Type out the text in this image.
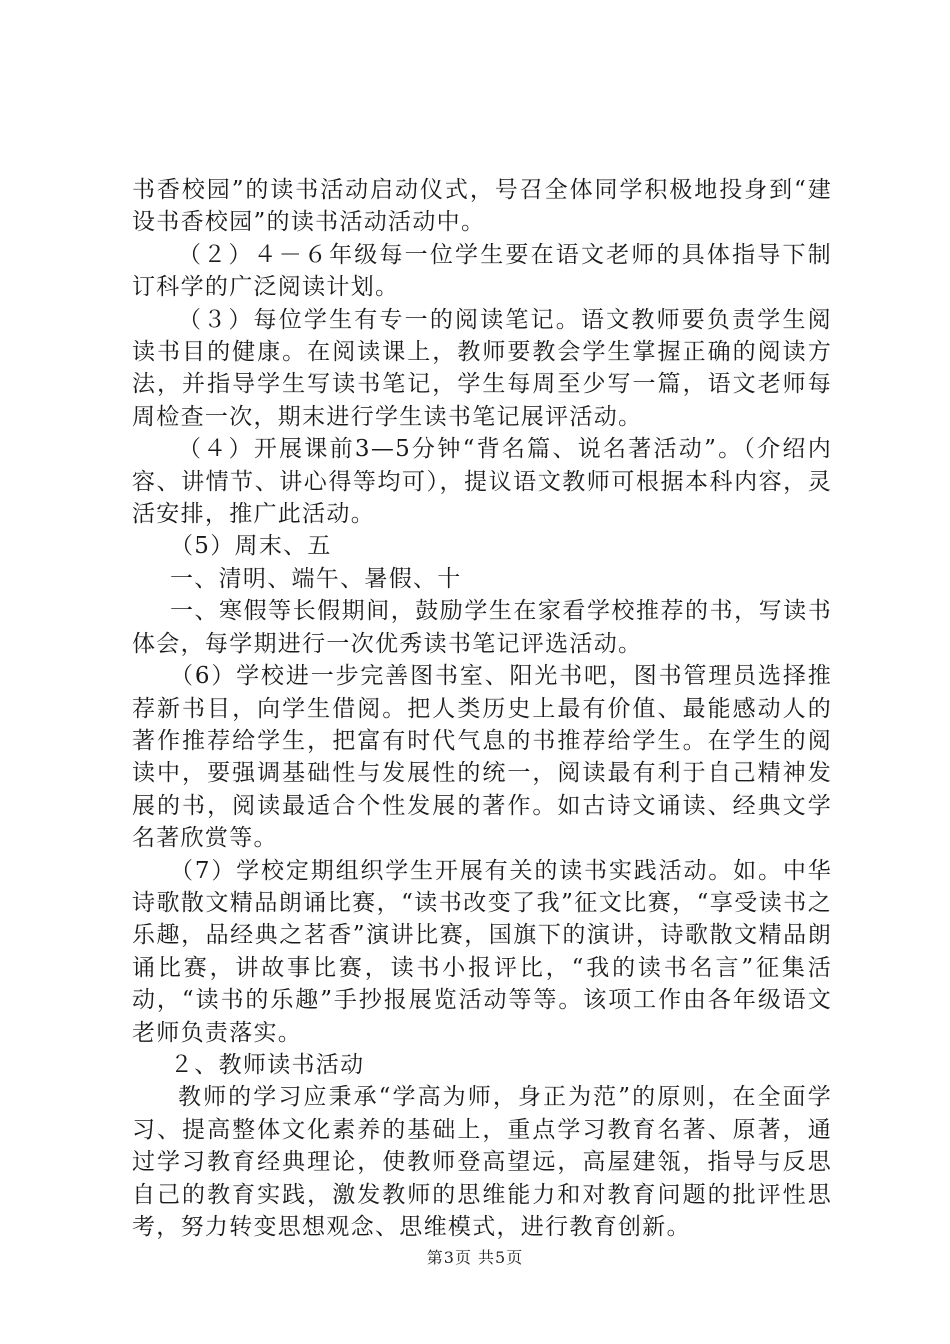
书香校园”的读书活动启动仪式，号召全体同学积极地投身到“建设书香校园”的读书活动活动中。

（２）４－６年级每一位学生要在语文老师的具体指导下制订科学的广泛阅读计划。

（３）每位学生有专一的阅读笔记。语文教师要负责学生阅读书目的健康。在阅读课上，教师要教会学生掌握正确的阅读方法，并指导学生写读书笔记，学生每周至少写一篇，语文老师每周检查一次，期末进行学生读书笔记展评活动。

（４）开展课前3—5分钟“背名篇、说名著活动”。（介绍内容、讲情节、讲心得等均可），提议语文教师可根据本科内容，灵活安排，推广此活动。

（5）周末、五

一、清明、端午、暑假、十

一、寒假等长假期间，鼓励学生在家看学校推荐的书，写读书体会，每学期进行一次优秀读书笔记评选活动。

（6）学校进一步完善图书室、阳光书吧，图书管理员选择推荐新书目，向学生借阅。把人类历史上最有价值、最能感动人的著作推荐给学生，把富有时代气息的书推荐给学生。在学生的阅读中，要强调基础性与发展性的统一，阅读最有利于自己精神发展的书，阅读最适合个性发展的著作。如古诗文诵读、经典文学名著欣赏等。

（7）学校定期组织学生开展有关的读书实践活动。如。中华诗歌散文精品朗诵比赛，“读书改变了我”征文比赛，“享受读书之乐趣，品经典之茗香”演讲比赛，国旗下的演讲，诗歌散文精品朗诵比赛，讲故事比赛，读书小报评比，“我的读书名言”征集活动，“读书的乐趣”手抄报展览活动等等。该项工作由各年级语文老师负责落实。

２、教师读书活动

教师的学习应秉承“学高为师，身正为范”的原则，在全面学习、提高整体文化素养的基础上，重点学习教育名著、原著，通过学习教育经典理论，使教师登高望远，高屋建瓴，指导与反思自己的教育实践，激发教师的思维能力和对教育问题的批评性思考，努力转变思想观念、思维模式，进行教育创新。

第3页 共5页
